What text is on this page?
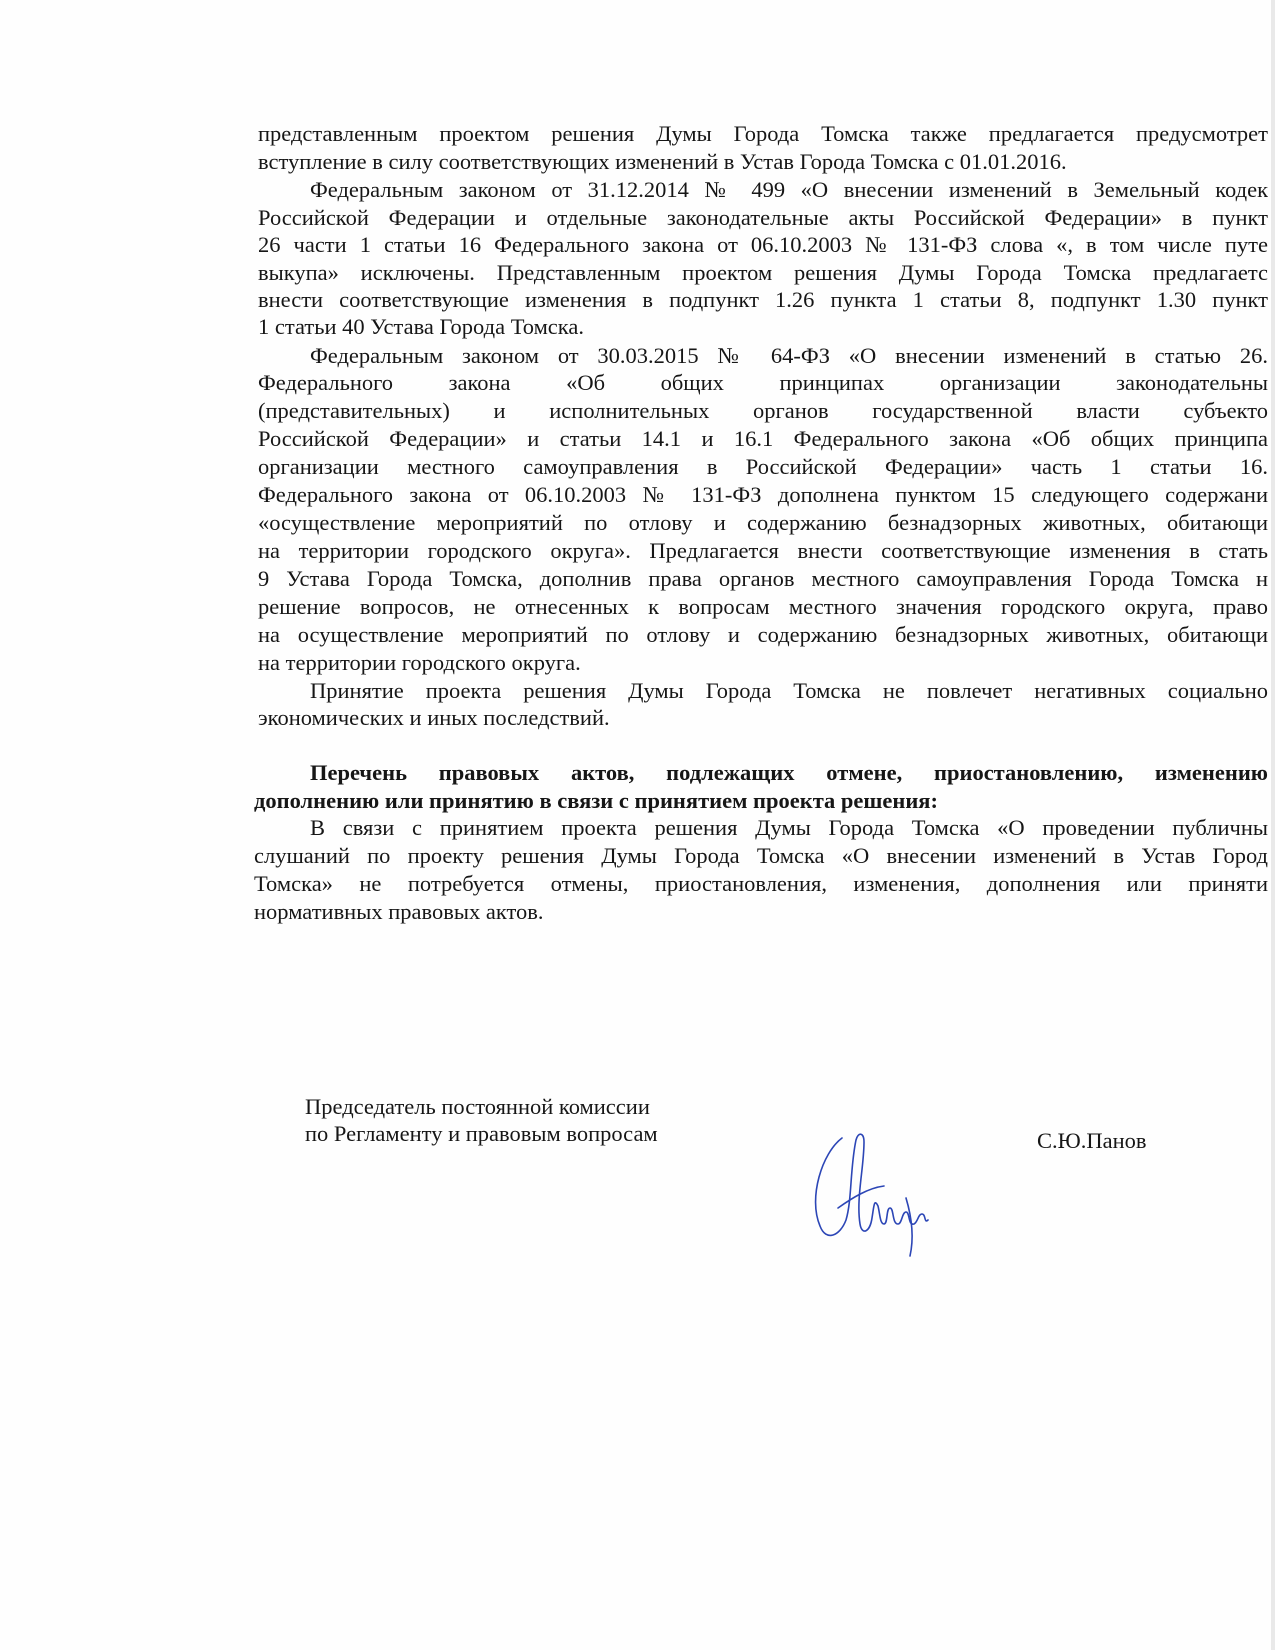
представленным проектом решения Думы Города Томска также предлагается предусмотрет
вступление в силу соответствующих изменений в Устав Города Томска с 01.01.2016.
Федеральным законом от 31.12.2014 № 499 «О внесении изменений в Земельный кодек
Российской Федерации и отдельные законодательные акты Российской Федерации» в пункт
26 части 1 статьи 16 Федерального закона от 06.10.2003 № 131-ФЗ слова «, в том числе путе
выкупа» исключены. Представленным проектом решения Думы Города Томска предлагаетс
внести соответствующие изменения в подпункт 1.26 пункта 1 статьи 8, подпункт 1.30 пункт
1 статьи 40 Устава Города Томска.
Федеральным законом от 30.03.2015 № 64-ФЗ «О внесении изменений в статью 26.
Федерального закона «Об общих принципах организации законодательны
(представительных) и исполнительных органов государственной власти субъекто
Российской Федерации» и статьи 14.1 и 16.1 Федерального закона «Об общих принципа
организации местного самоуправления в Российской Федерации» часть 1 статьи 16.
Федерального закона от 06.10.2003 № 131-ФЗ дополнена пунктом 15 следующего содержани
«осуществление мероприятий по отлову и содержанию безнадзорных животных, обитающи
на территории городского округа». Предлагается внести соответствующие изменения в стать
9 Устава Города Томска, дополнив права органов местного самоуправления Города Томска н
решение вопросов, не отнесенных к вопросам местного значения городского округа, право
на осуществление мероприятий по отлову и содержанию безнадзорных животных, обитающи
на территории городского округа.
Принятие проекта решения Думы Города Томска не повлечет негативных социально
экономических и иных последствий.
Перечень правовых актов, подлежащих отмене, приостановлению, изменению
дополнению или принятию в связи с принятием проекта решения:
В связи с принятием проекта решения Думы Города Томска «О проведении публичны
слушаний по проекту решения Думы Города Томска «О внесении изменений в Устав Город
Томска» не потребуется отмены, приостановления, изменения, дополнения или приняти
нормативных правовых актов.
Председатель постоянной комиссии
по Регламенту и правовым вопросам	С.Ю.Панов
